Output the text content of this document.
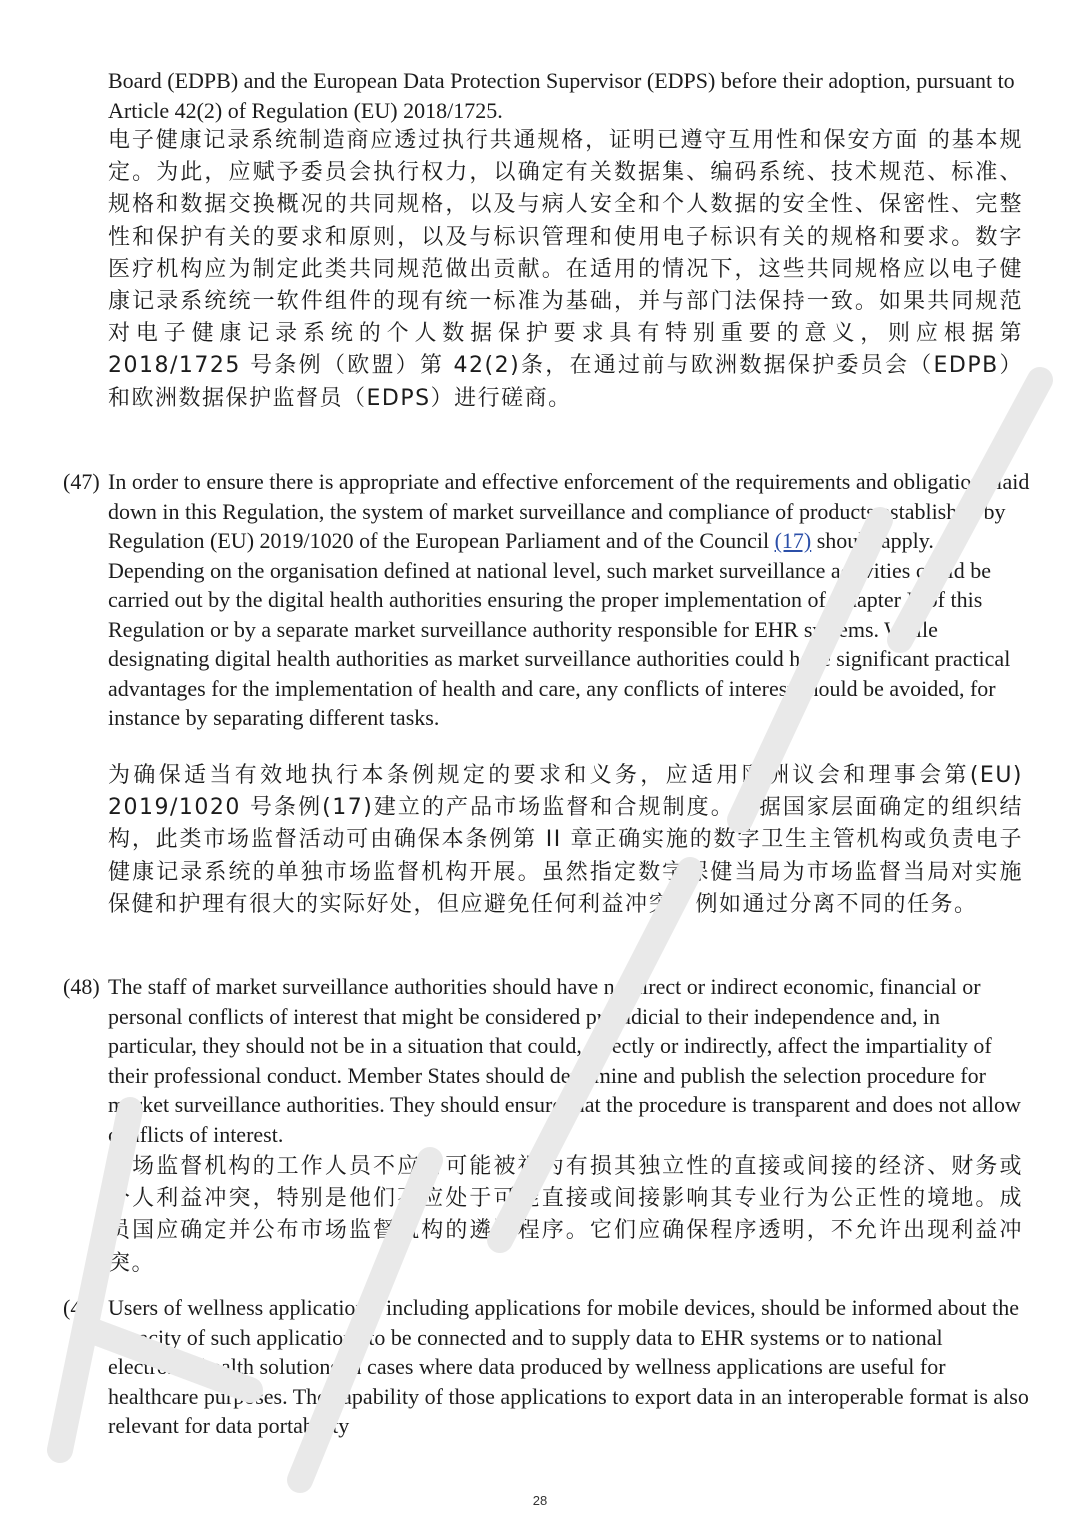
Board (EDPB) and the European Data Protection Supervisor (EDPS) before their adoption, pursuant to Article 42(2) of Regulation (EU) 2018/1725.

电子健康记录系统制造商应透过执行共通规格，证明已遵守互用性和保安方面 的基本规定。为此，应赋予委员会执行权力，以确定有关数据集、编码系统、技术规范、标准、规格和数据交换概况的共同规格，以及与病人安全和个人数据的安全性、保密性、完整性和保护有关的要求和原则，以及与标识管理和使用电子标识有关的规格和要求。数字医疗机构应为制定此类共同规范做出贡献。在适用的情况下，这些共同规格应以电子健康记录系统统一软件组件的现有统一标准为基础，并与部门法保持一致。如果共同规范对电子健康记录系统的个人数据保护要求具有特别重要的意义，则应根据第 2018/1725 号条例（欧盟）第 42(2)条，在通过前与欧洲数据保护委员会（EDPB）和欧洲数据保护监督员（EDPS）进行磋商。

(47) In order to ensure there is appropriate and effective enforcement of the requirements and obligations laid down in this Regulation, the system of market surveillance and compliance of products established by Regulation (EU) 2019/1020 of the European Parliament and of the Council (17) should apply. Depending on the organisation defined at national level, such market surveillance activities could be carried out by the digital health authorities ensuring the proper implementation of Chapter II of this Regulation or by a separate market surveillance authority responsible for EHR systems. While designating digital health authorities as market surveillance authorities could have significant practical advantages for the implementation of health and care, any conflicts of interest should be avoided, for instance by separating different tasks.

为确保适当有效地执行本条例规定的要求和义务，应适用欧洲议会和理事会第(EU) 2019/1020 号条例(17)建立的产品市场监督和合规制度。根据国家层面确定的组织结构，此类市场监督活动可由确保本条例第 II 章正确实施的数字卫生主管机构或负责电子健康记录系统的单独市场监督机构开展。虽然指定数字保健当局为市场监督当局对实施保健和护理有很大的实际好处，但应避免任何利益冲突，例如通过分离不同的任务。

(48) The staff of market surveillance authorities should have no direct or indirect economic, financial or personal conflicts of interest that might be considered prejudicial to their independence and, in particular, they should not be in a situation that could, directly or indirectly, affect the impartiality of their professional conduct. Member States should determine and publish the selection procedure for market surveillance authorities. They should ensure that the procedure is transparent and does not allow conflicts of interest.

市场监督机构的工作人员不应有可能被视为有损其独立性的直接或间接的经济、财务或个人利益冲突，特别是他们不应处于可能直接或间接影响其专业行为公正性的境地。成员国应确定并公布市场监督机构的遴选程序。它们应确保程序透明，不允许出现利益冲突。

(49) Users of wellness applications, including applications for mobile devices, should be informed about the capacity of such applications to be connected and to supply data to EHR systems or to national electronic health solutions in cases where data produced by wellness applications are useful for healthcare purposes. The capability of those applications to export data in an interoperable format is also relevant for data portability

28
